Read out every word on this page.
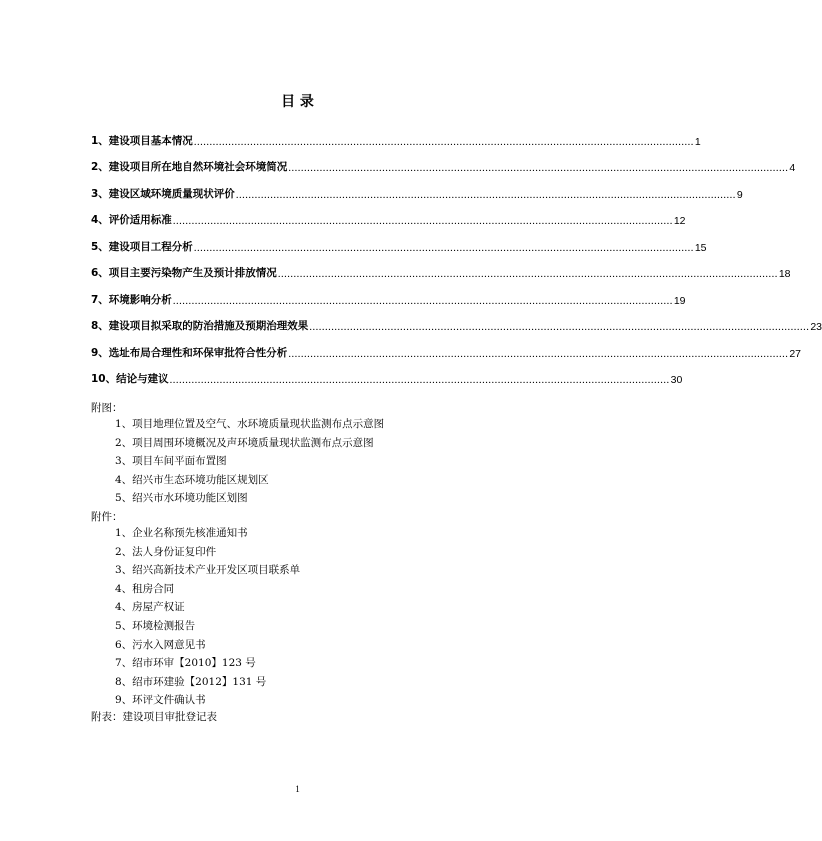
目 录
1、建设项目基本情况 ................................................................................................................................................................ 1
2、建设项目所在地自然环境社会环境简况 ................................................................................................................................................................ 4
3、建设区域环境质量现状评价 ................................................................................................................................................................ 9
4、评价适用标准 ................................................................................................................................................................ 12
5、建设项目工程分析 ................................................................................................................................................................ 15
6、项目主要污染物产生及预计排放情况 ................................................................................................................................................................ 18
7、环境影响分析 ................................................................................................................................................................ 19
8、建设项目拟采取的防治措施及预期治理效果 ................................................................................................................................................................ 23
9、选址布局合理性和环保审批符合性分析 ................................................................................................................................................................ 27
10、结论与建议 ................................................................................................................................................................ 30
附图：
1、项目地理位置及空气、水环境质量现状监测布点示意图
2、项目周围环境概况及声环境质量现状监测布点示意图
3、项目车间平面布置图
4、绍兴市生态环境功能区规划区
5、绍兴市水环境功能区划图
附件：
1、企业名称预先核准通知书
2、法人身份证复印件
3、绍兴高新技术产业开发区项目联系单
4、租房合同
4、房屋产权证
5、环境检测报告
6、污水入网意见书
7、绍市环审【2010】123 号
8、绍市环建验【2012】131 号
9、环评文件确认书
附表：建设项目审批登记表
1
